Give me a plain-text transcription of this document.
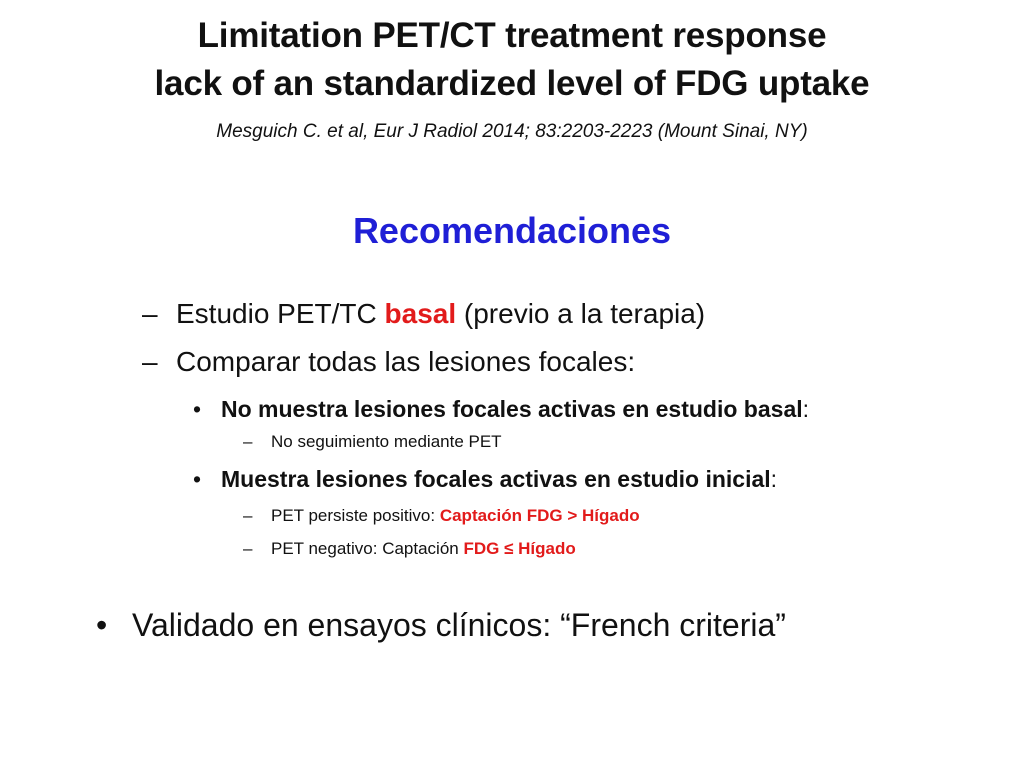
Limitation PET/CT treatment response
lack of an standardized level of FDG uptake
Mesguich C. et al, Eur J Radiol 2014; 83:2203-2223 (Mount Sinai, NY)
Recomendaciones
– Estudio PET/TC basal (previo a la terapia)
– Comparar todas las lesiones focales:
• No muestra lesiones focales activas en estudio basal:
– No seguimiento mediante PET
• Muestra lesiones focales activas en estudio inicial:
– PET persiste positivo: Captación FDG > Hígado
– PET negativo: Captación FDG ≤ Hígado
• Validado en ensayos clínicos: “French criteria”
